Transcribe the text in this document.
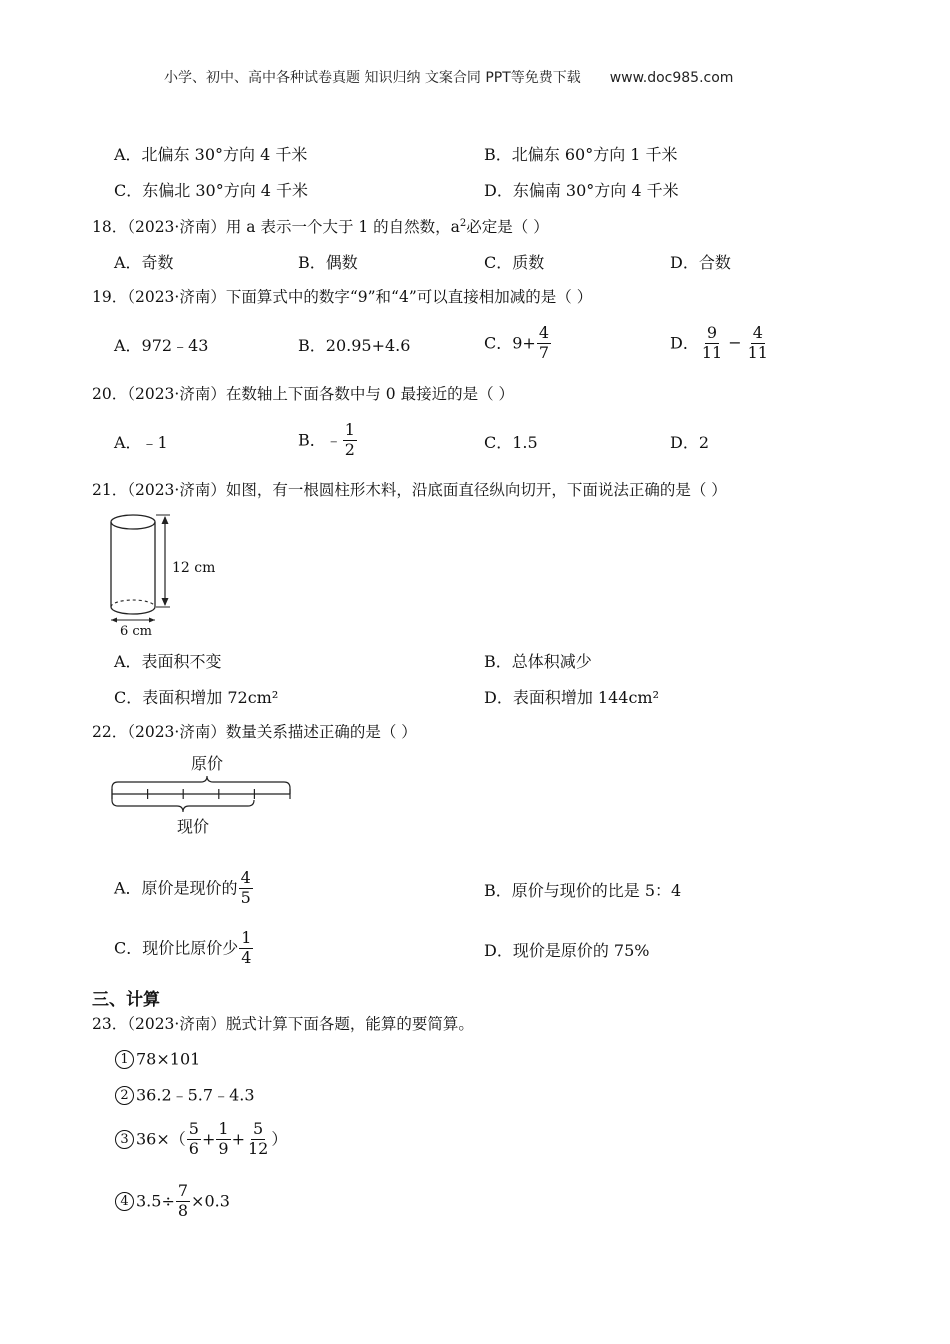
小学、初中、高中各种试卷真题 知识归纳 文案合同 PPT等免费下载 www.doc985.com
A．北偏东 30°方向 4 千米	B．北偏东 60°方向 1 千米
C．东偏北 30°方向 4 千米	D．东偏南 30°方向 4 千米
18．（2023·济南）用 a 表示一个大于 1 的自然数，$a^2$必定是（ ）
A．奇数	B．偶数	C．质数	D．合数
19．（2023·济南）下面算式中的数字“9”和“4”可以直接相加减的是（ ）
A．972﹣43	B．20.95+4.6	C．$9+ \frac{4}{7}$	D． $\frac{9}{11} - \frac{4}{11}$
20．（2023·济南）在数轴上下面各数中与 0 最接近的是（ ）
A．﹣1	B．﹣ $\frac{1}{2}$	C．1.5	D．2
21．（2023·济南）如图，有一根圆柱形木料，沿底面直径纵向切开，下面说法正确的是（ ）
12 cm
6 cm
A．表面积不变	B．总体积减少
C．表面积增加 72cm²	D．表面积增加 144cm²
22．（2023·济南）数量关系描述正确的是（ ）
原价
现价
A．原价是现价的 $\frac{4}{5}$	B．原价与现价的比是 5：4
C．现价比原价少 $\frac{1}{4}$	D．现价是原价的 75%
三、计算
23．（2023·济南）脱式计算下面各题，能算的要简算。
1 78×101
2 36.2﹣5.7﹣4.3
3 $36\times( \frac{5}{6} + \frac{1}{9} + \frac{5}{12}$ ）
4 $3.5\div \frac{7}{8} \times 0.3$
